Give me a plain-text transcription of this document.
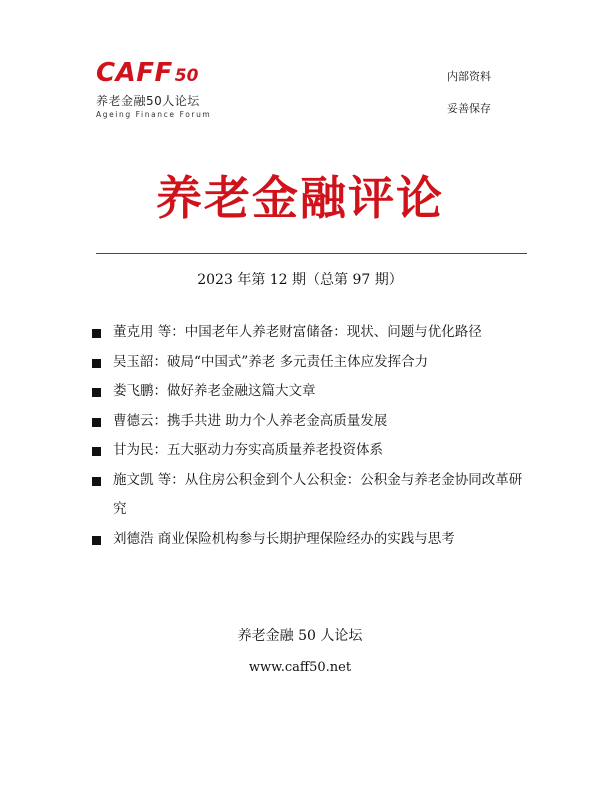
CAFF 50
养老金融50人论坛
Ageing Finance Forum
内部资料
妥善保存
养老金融评论
2023 年第 12 期（总第 97 期）
董克用 等：中国老年人养老财富储备：现状、问题与优化路径
吴玉韶：破局“中国式”养老 多元责任主体应发挥合力
娄飞鹏：做好养老金融这篇大文章
曹德云：携手共进 助力个人养老金高质量发展
甘为民：五大驱动力夯实高质量养老投资体系
施文凯 等：从住房公积金到个人公积金：公积金与养老金协同改革研究
刘德浩 商业保险机构参与长期护理保险经办的实践与思考
养老金融 50 人论坛
www.caff50.net
